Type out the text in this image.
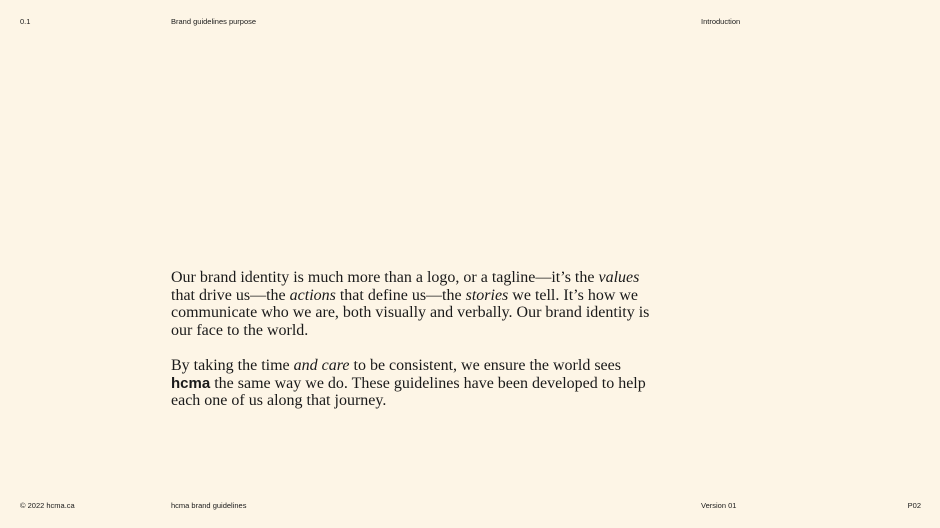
0.1	Brand guidelines purpose	Introduction

Our brand identity is much more than a logo, or a tagline—it’s the values that drive us—the actions that define us—the stories we tell. It’s how we communicate who we are, both visually and verbally. Our brand identity is our face to the world.

By taking the time and care to be consistent, we ensure the world sees hcma the same way we do. These guidelines have been developed to help each one of us along that journey.

© 2022 hcma.ca	hcma brand guidelines	Version 01	P02
